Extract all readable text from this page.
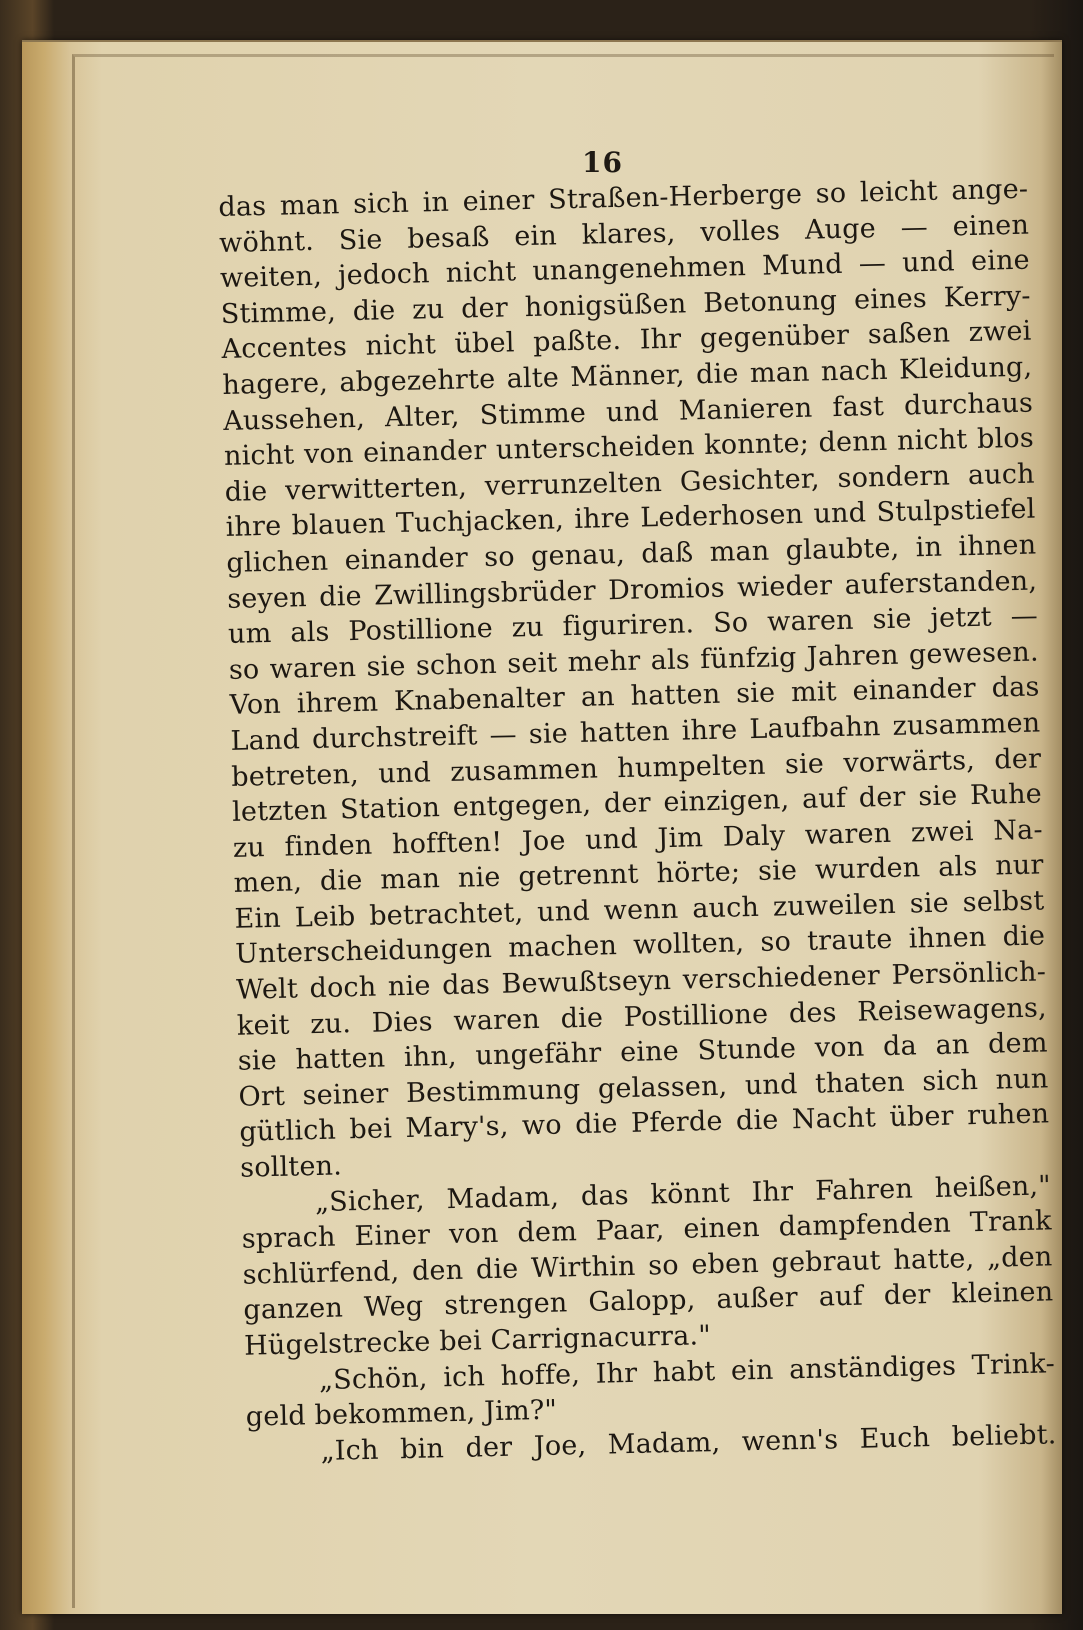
16
das man sich in einer Straßen-Herberge so leicht ange-
wöhnt. Sie besaß ein klares, volles Auge — einen
weiten, jedoch nicht unangenehmen Mund — und eine
Stimme, die zu der honigsüßen Betonung eines Kerry-
Accentes nicht übel paßte. Ihr gegenüber saßen zwei
hagere, abgezehrte alte Männer, die man nach Kleidung,
Aussehen, Alter, Stimme und Manieren fast durchaus
nicht von einander unterscheiden konnte; denn nicht blos
die verwitterten, verrunzelten Gesichter, sondern auch
ihre blauen Tuchjacken, ihre Lederhosen und Stulpstiefel
glichen einander so genau, daß man glaubte, in ihnen
seyen die Zwillingsbrüder Dromios wieder auferstanden,
um als Postillione zu figuriren. So waren sie jetzt —
so waren sie schon seit mehr als fünfzig Jahren gewesen.
Von ihrem Knabenalter an hatten sie mit einander das
Land durchstreift — sie hatten ihre Laufbahn zusammen
betreten, und zusammen humpelten sie vorwärts, der
letzten Station entgegen, der einzigen, auf der sie Ruhe
zu finden hofften! Joe und Jim Daly waren zwei Na-
men, die man nie getrennt hörte; sie wurden als nur
Ein Leib betrachtet, und wenn auch zuweilen sie selbst
Unterscheidungen machen wollten, so traute ihnen die
Welt doch nie das Bewußtseyn verschiedener Persönlich-
keit zu. Dies waren die Postillione des Reisewagens,
sie hatten ihn, ungefähr eine Stunde von da an dem
Ort seiner Bestimmung gelassen, und thaten sich nun
gütlich bei Mary's, wo die Pferde die Nacht über ruhen
sollten.
„Sicher, Madam, das könnt Ihr Fahren heißen,"
sprach Einer von dem Paar, einen dampfenden Trank
schlürfend, den die Wirthin so eben gebraut hatte, „den
ganzen Weg strengen Galopp, außer auf der kleinen
Hügelstrecke bei Carrignacurra."
„Schön, ich hoffe, Ihr habt ein anständiges Trink-
geld bekommen, Jim?"
„Ich bin der Joe, Madam, wenn's Euch beliebt.
